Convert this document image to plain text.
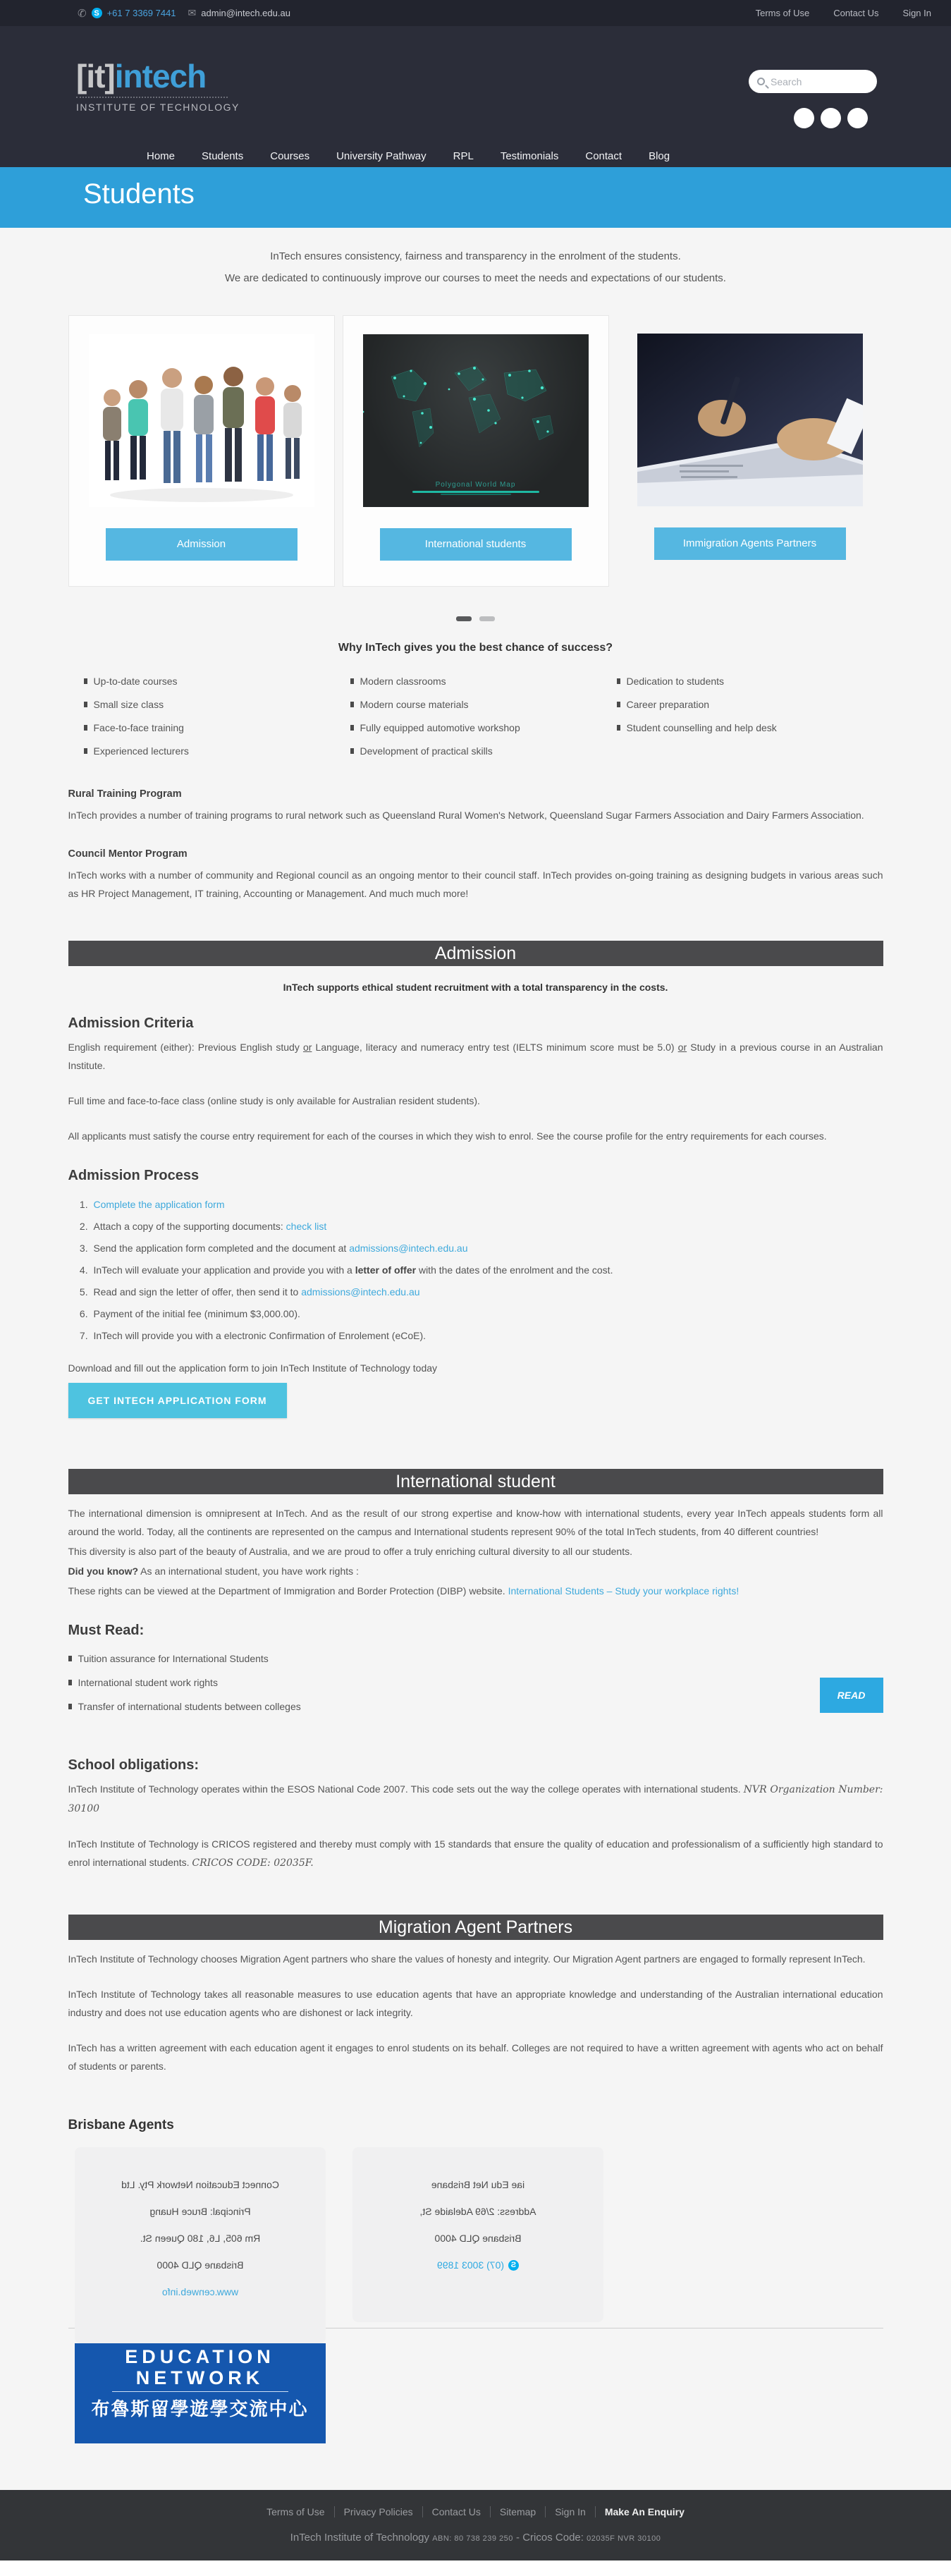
✆ S +61 7 3369 7441 ✉ admin@intech.edu.au	Terms of Use	Contact Us	Sign In
[it]intech
INSTITUTE OF TECHNOLOGY
Search
Home	Students	Courses	University Pathway	RPL	Testimonials	Contact	Blog
Students

InTech ensures consistency, fairness and transparency in the enrolment of the students.

We are dedicated to continuously improve our courses to meet the needs and expectations of our students.

Admission
Polygonal World Map
International students	Immigration Agents Partners

Why InTech gives you the best chance of success?
Up-to-date courses
Small size class
Face-to-face training
Experienced lecturers
Modern classrooms
Modern course materials
Fully equipped automotive workshop
Development of practical skills
Dedication to students
Career preparation
Student counselling and help desk
Rural Training Program

InTech provides a number of training programs to rural network such as Queensland Rural Women's Network, Queensland Sugar Farmers Association and Dairy Farmers Association.

Council Mentor Program

InTech works with a number of community and Regional council as an ongoing mentor to their council staff. InTech provides on-going training as designing budgets in various areas such as HR Project Management, IT training, Accounting or Management. And much much more!

Admission
InTech supports ethical student recruitment with a total transparency in the costs.
Admission Criteria

English requirement (either): Previous English study or Language, literacy and numeracy entry test (IELTS minimum score must be 5.0) or Study in a previous course in an Australian Institute.

Full time and face-to-face class (online study is only available for Australian resident students).

All applicants must satisfy the course entry requirement for each of the courses in which they wish to enrol. See the course profile for the entry requirements for each courses.

Admission Process
1. Complete the application form
2. Attach a copy of the supporting documents: check list
3. Send the application form completed and the document at admissions@intech.edu.au
4. InTech will evaluate your application and provide you with a letter of offer with the dates of the enrolment and the cost.
5. Read and sign the letter of offer, then send it to admissions@intech.edu.au
6. Payment of the initial fee (minimum $3,000.00).
7. InTech will provide you with a electronic Confirmation of Enrolement (eCoE).

Download and fill out the application form to join InTech Institute of Technology today

GET INTECH APPLICATION FORM
International student

The international dimension is omnipresent at InTech. And as the result of our strong expertise and know-how with international students, every year InTech appeals students form all around the world. Today, all the continents are represented on the campus and International students represent 90% of the total InTech students, from 40 different countries!

This diversity is also part of the beauty of Australia, and we are proud to offer a truly enriching cultural diversity to all our students.

Did you know? As an international student, you have work rights :

These rights can be viewed at the Department of Immigration and Border Protection (DIBP) website. International Students – Study your workplace rights!

Must Read:
Tuition assurance for International Students
International student work rights
Transfer of international students between colleges
READ
School obligations:

InTech Institute of Technology operates within the ESOS National Code 2007. This code sets out the way the college operates with international students. NVR Organization Number: 30100

InTech Institute of Technology is CRICOS registered and thereby must comply with 15 standards that ensure the quality of education and professionalism of a sufficiently high standard to enrol international students. CRICOS CODE: 02035F.

Migration Agent Partners

InTech Institute of Technology chooses Migration Agent partners who share the values of honesty and integrity. Our Migration Agent partners are engaged to formally represent InTech.

InTech Institute of Technology takes all reasonable measures to use education agents that have an appropriate knowledge and understanding of the Australian international education industry and does not use education agents who are dishonest or lack integrity.

InTech has a written agreement with each education agent it engages to enrol students on its behalf. Colleges are not required to have a written agreement with agents who act on behalf of students or parents.

Brisbane Agents
Connect Education Network Pty. Ltd
Principal: Bruce Huang
Rm 605, L6, 180 Queen St.
Brisbane QLD 4000
www.cenweb.info
EDUCATION
NETWORK
布魯斯留學遊學交流中心
iae Edu Net Brisbane
Address: 2/69 Adelaide St,
Brisbane QLD 4000
S
(07) 3003 1899
Terms of Use	Privacy Policies	Contact Us	Sitemap	Sign In	Make An Enquiry
InTech Institute of Technology ABN: 80 738 239 250 - Cricos Code: 02035F NVR 30100
